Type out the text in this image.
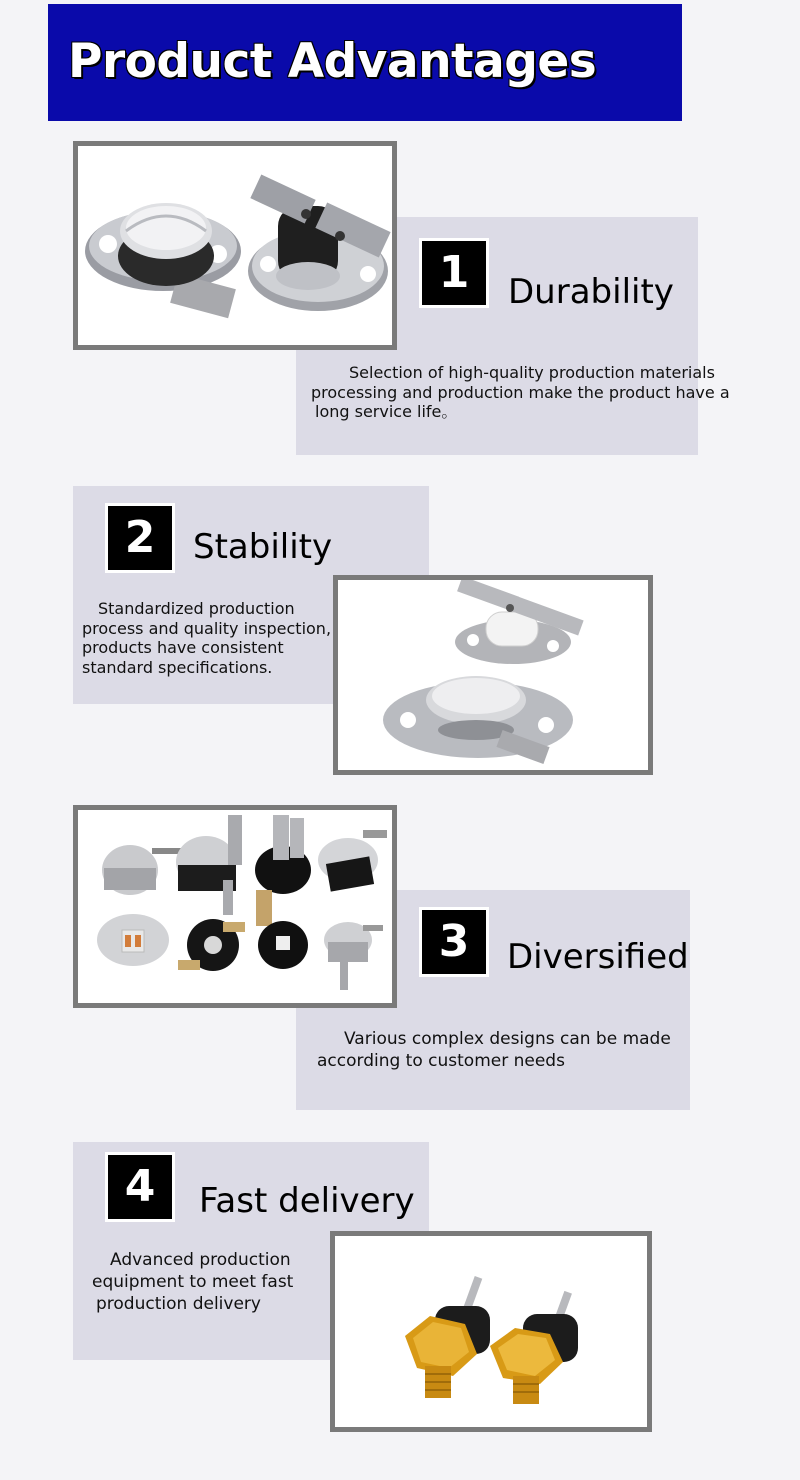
Product Advantages
1	Durability
Selection of high-quality production materials
processing and production make the product have a
long service life。
2	Stability
Standardized production
process and quality inspection,
products have consistent
standard specifications.
3	Diversified
Various complex designs can be made
according to customer needs
4	Fast delivery
Advanced production
equipment to meet fast
production delivery
